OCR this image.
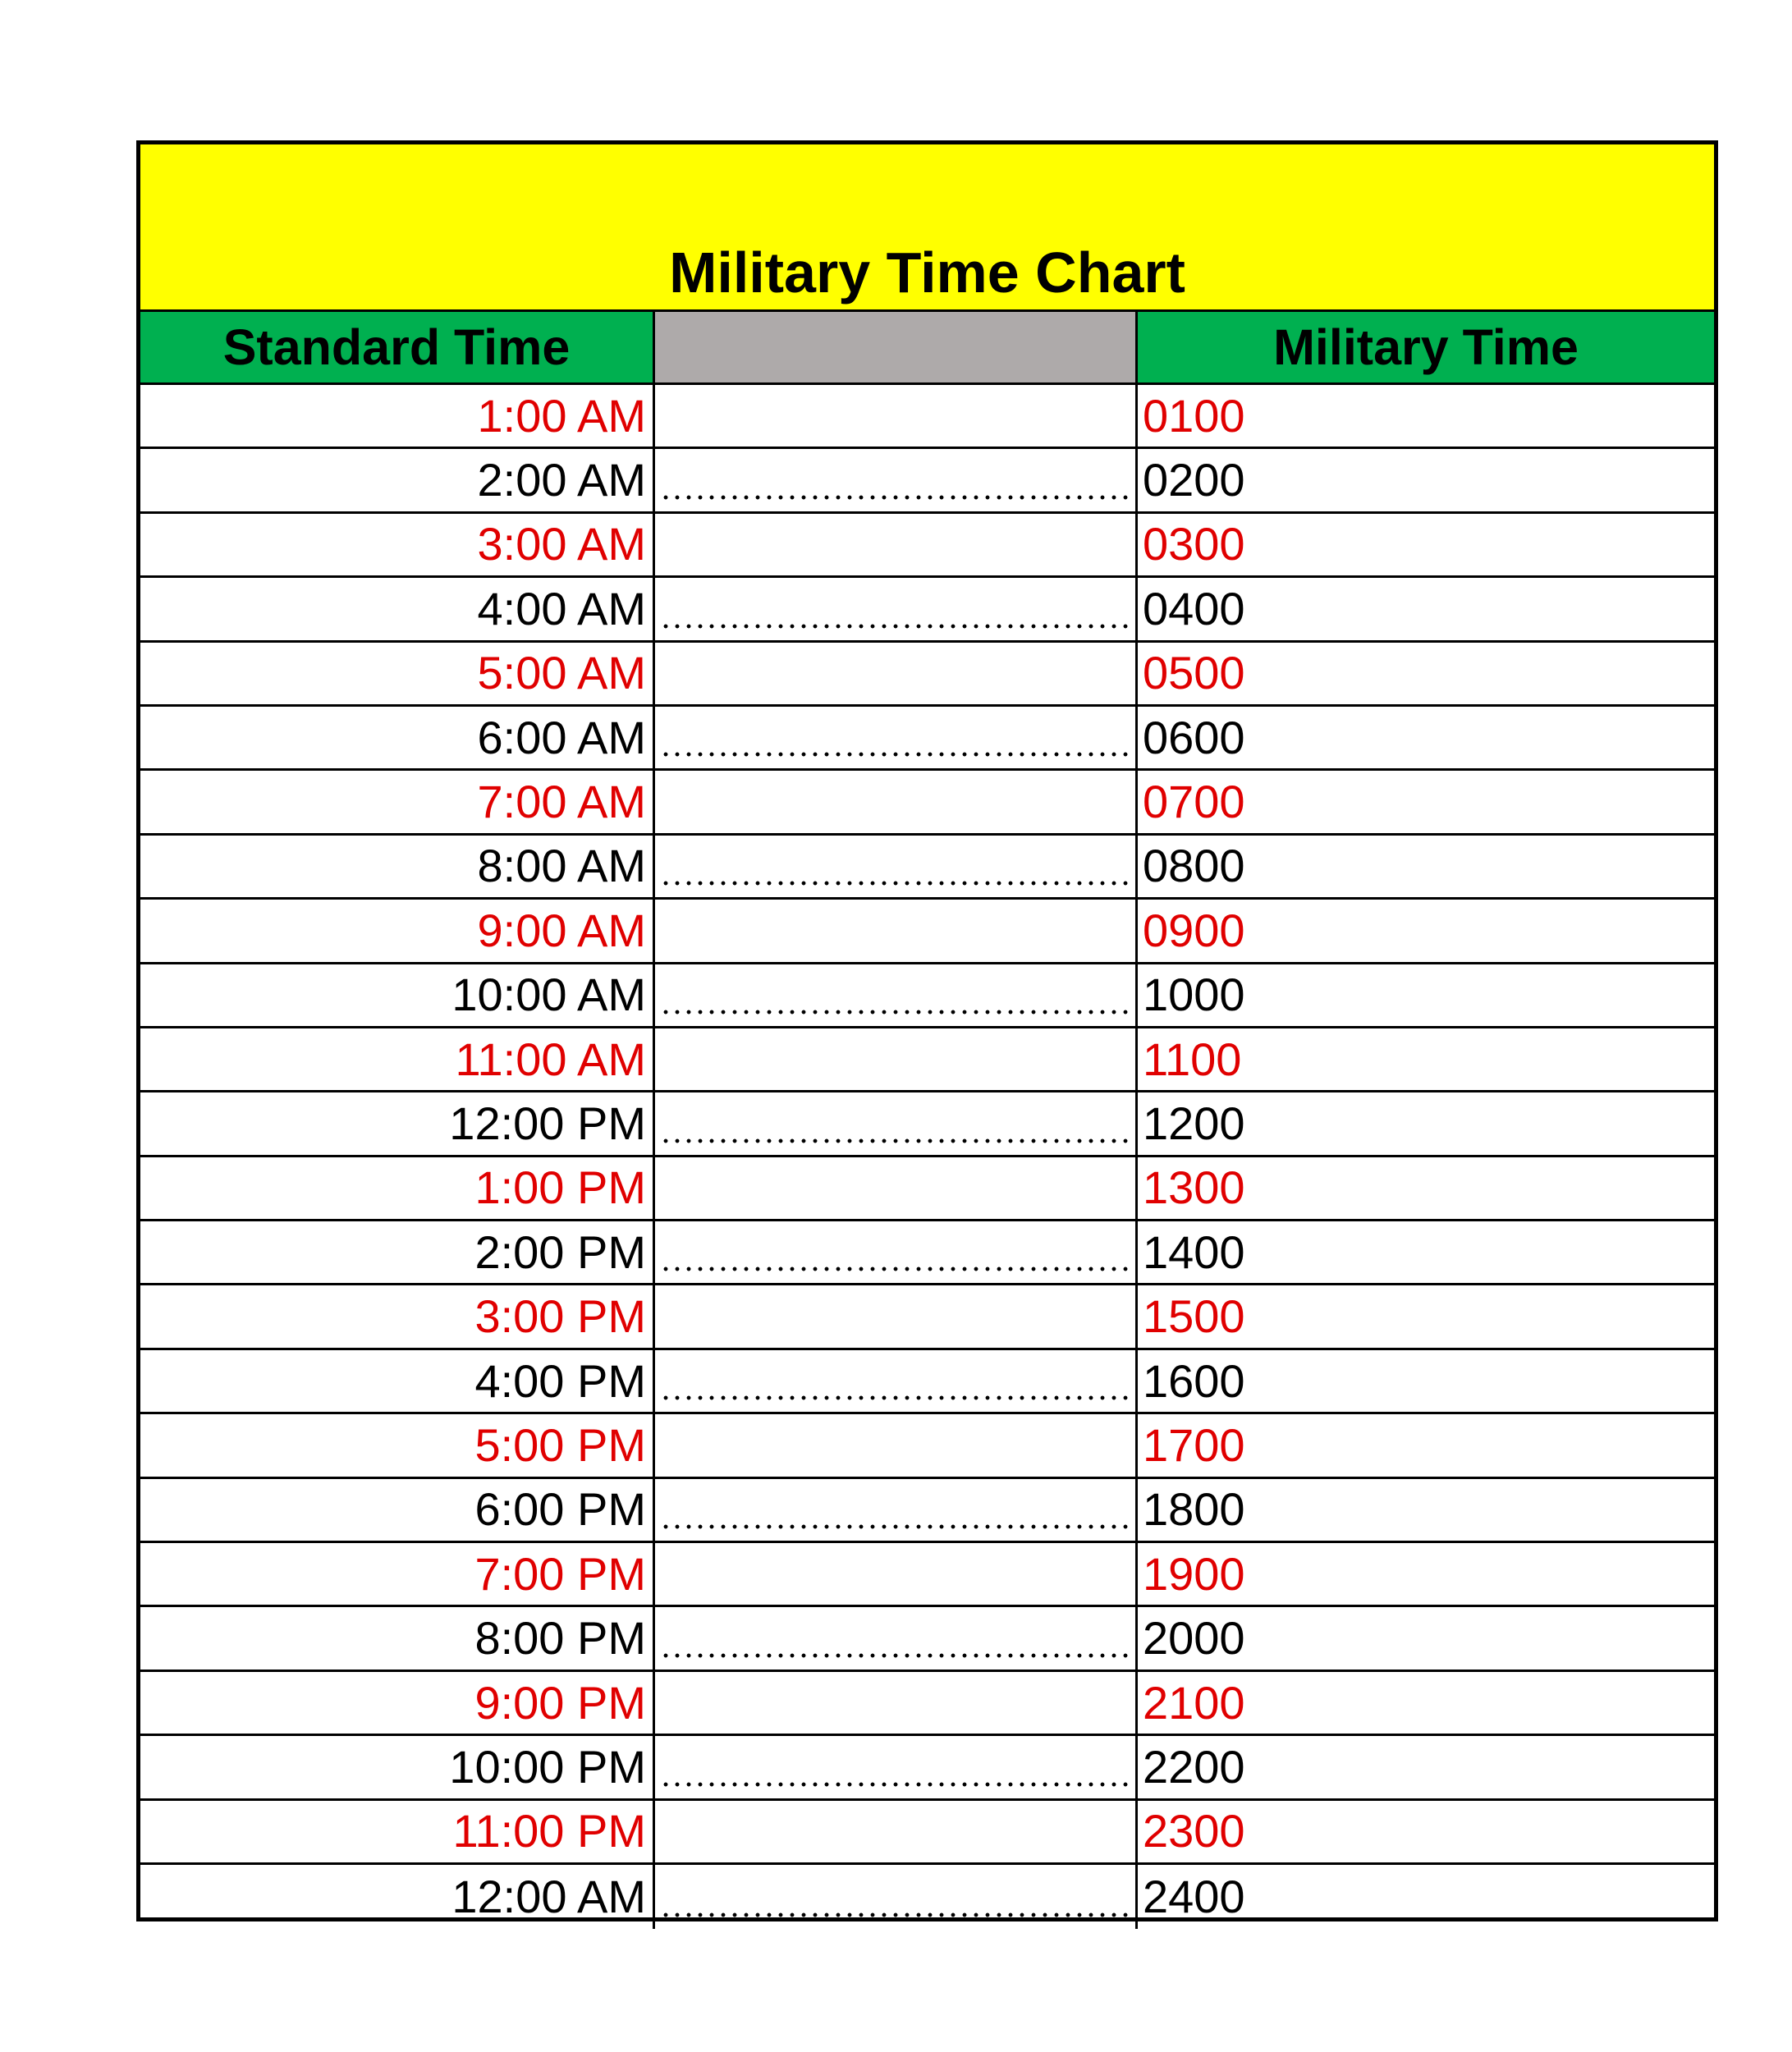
Military Time Chart
Standard Time	Military Time
1:00 AM	0100
2:00 AM	0200
3:00 AM	0300
4:00 AM	0400
5:00 AM	0500
6:00 AM	0600
7:00 AM	0700
8:00 AM	0800
9:00 AM	0900
10:00 AM	1000
11:00 AM	1100
12:00 PM	1200
1:00 PM	1300
2:00 PM	1400
3:00 PM	1500
4:00 PM	1600
5:00 PM	1700
6:00 PM	1800
7:00 PM	1900
8:00 PM	2000
9:00 PM	2100
10:00 PM	2200
11:00 PM	2300
12:00 AM	2400
